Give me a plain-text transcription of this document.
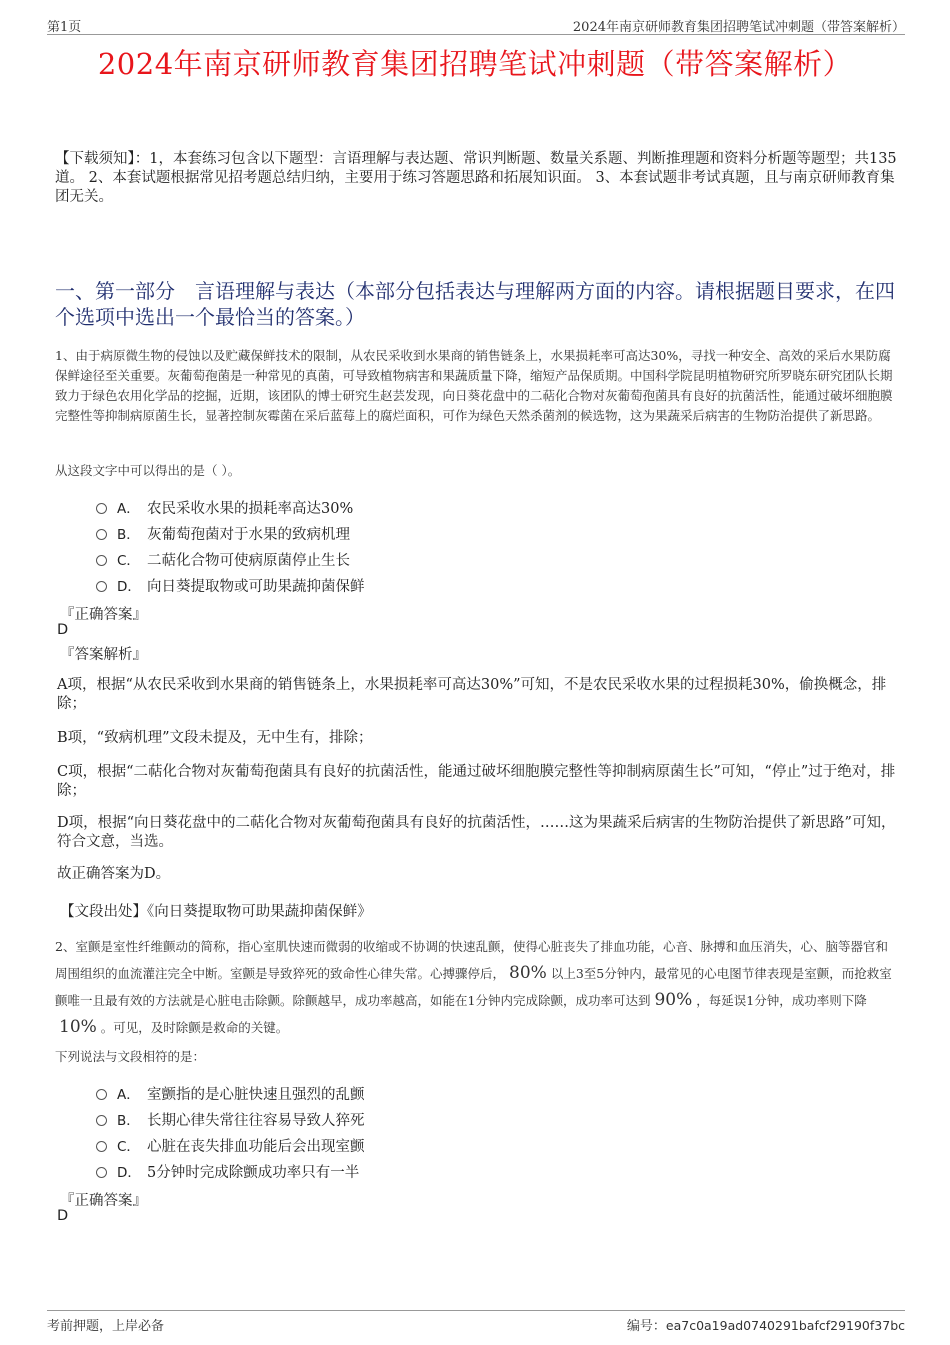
第1页	2024年南京研师教育集团招聘笔试冲刺题（带答案解析）
2024年南京研师教育集团招聘笔试冲刺题（带答案解析）
【下载须知】：1，本套练习包含以下题型：言语理解与表达题、常识判断题、数量关系题、判断推理题和资料分析题等题型；共135道。 2、本套试题根据常见招考题总结归纳，主要用于练习答题思路和拓展知识面。 3、本套试题非考试真题，且与南京研师教育集团无关。
一、第一部分　言语理解与表达（本部分包括表达与理解两方面的内容。请根据题目要求，在四个选项中选出一个最恰当的答案。）
1、由于病原微生物的侵蚀以及贮藏保鲜技术的限制，从农民采收到水果商的销售链条上，水果损耗率可高达30%，寻找一种安全、高效的采后水果防腐保鲜途径至关重要。灰葡萄孢菌是一种常见的真菌，可导致植物病害和果蔬质量下降，缩短产品保质期。中国科学院昆明植物研究所罗晓东研究团队长期致力于绿色农用化学品的挖掘，近期，该团队的博士研究生赵芸发现，向日葵花盘中的二萜化合物对灰葡萄孢菌具有良好的抗菌活性，能通过破坏细胞膜完整性等抑制病原菌生长，显著控制灰霉菌在采后蓝莓上的腐烂面积，可作为绿色天然杀菌剂的候选物，这为果蔬采后病害的生物防治提供了新思路。
从这段文字中可以得出的是（ ）。
A． 农民采收水果的损耗率高达30%
B． 灰葡萄孢菌对于水果的致病机理
C． 二萜化合物可使病原菌停止生长
D． 向日葵提取物或可助果蔬抑菌保鲜
『正确答案』
D
『答案解析』
A项，根据“从农民采收到水果商的销售链条上，水果损耗率可高达30%”可知，不是农民采收水果的过程损耗30%，偷换概念，排除；
B项，“致病机理”文段未提及，无中生有，排除；
C项，根据“二萜化合物对灰葡萄孢菌具有良好的抗菌活性，能通过破坏细胞膜完整性等抑制病原菌生长”可知，“停止”过于绝对，排除；
D项，根据“向日葵花盘中的二萜化合物对灰葡萄孢菌具有良好的抗菌活性，……这为果蔬采后病害的生物防治提供了新思路”可知，符合文意，当选。
故正确答案为D。
【文段出处】《向日葵提取物可助果蔬抑菌保鲜》
2、室颤是室性纤维颤动的简称，指心室肌快速而微弱的收缩或不协调的快速乱颤，使得心脏丧失了排血功能，心音、脉搏和血压消失，心、脑等器官和周围组织的血流灌注完全中断。室颤是导致猝死的致命性心律失常。心搏骤停后， 80% 以上3至5分钟内，最常见的心电图节律表现是室颤，而抢救室颤唯一且最有效的方法就是心脏电击除颤。除颤越早，成功率越高，如能在1分钟内完成除颤，成功率可达到 90% ，每延误1分钟，成功率则下降10% 。可见，及时除颤是救命的关键。
下列说法与文段相符的是：
A． 室颤指的是心脏快速且强烈的乱颤
B． 长期心律失常往往容易导致人猝死
C． 心脏在丧失排血功能后会出现室颤
D． 5分钟时完成除颤成功率只有一半
『正确答案』
D
考前押题，上岸必备	编号：ea7c0a19ad0740291bafcf29190f37bc
